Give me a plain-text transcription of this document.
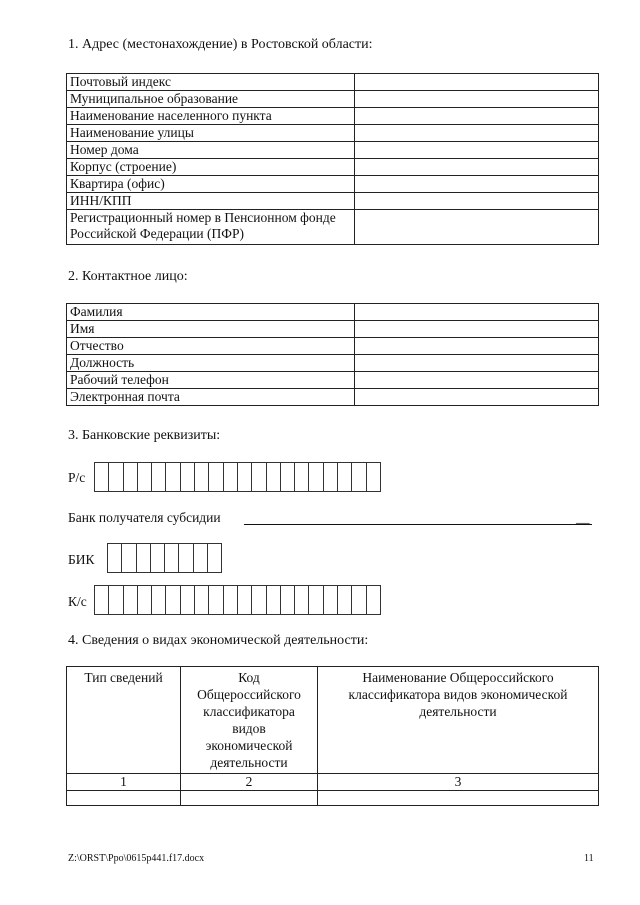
1. Адрес (местонахождение) в Ростовской области:
Почтовый индекс	
Муниципальное образование	
Наименование населенного пункта	
Наименование улицы	
Номер дома	
Корпус (строение)	
Квартира (офис)	
ИНН/КПП	
Регистрационный номер в Пенсионном фонде Российской Федерации (ПФР)	
2. Контактное лицо:
Фамилия	
Имя	
Отчество	
Должность	
Рабочий телефон	
Электронная почта	
3. Банковские реквизиты:
Р/с
Банк получателя субсидии	__
БИК
К/с
4. Сведения о видах экономической деятельности:
Тип сведений	Код Общероссийского классификатора видов экономической деятельности	Наименование Общероссийского классификатора видов экономической деятельности
1	2	3

Z:\ORST\Ppo\0615p441.f17.docx	11
